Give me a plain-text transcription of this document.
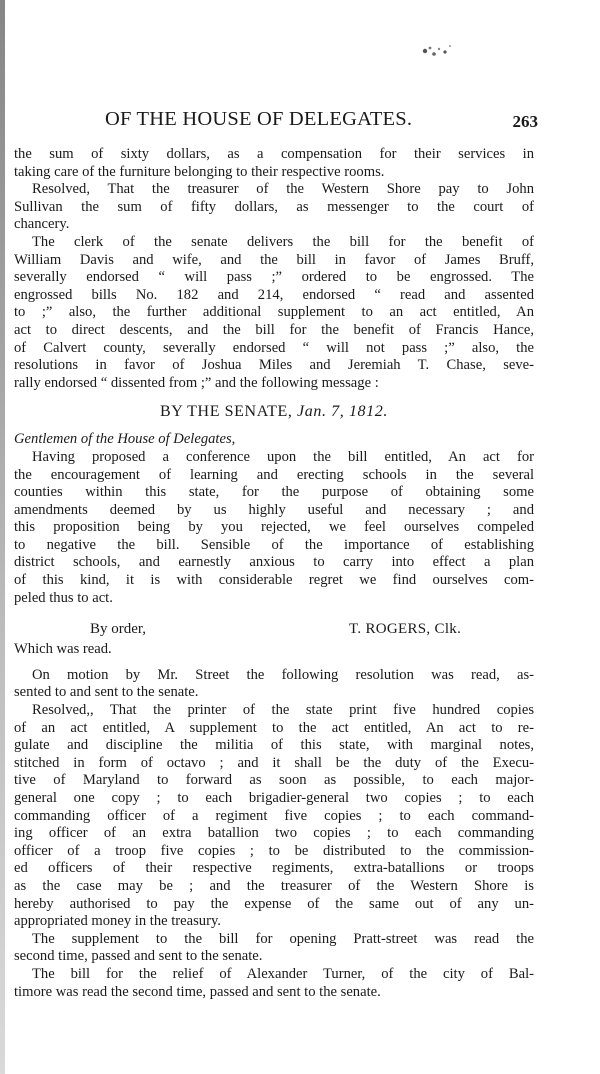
OF THE HOUSE OF DELEGATES.	263
the sum of sixty dollars, as a compensation for their services in
taking care of the furniture belonging to their respective rooms.
Resolved, That the treasurer of the Western Shore pay to John
Sullivan the sum of fifty dollars, as messenger to the court of
chancery.
The clerk of the senate delivers the bill for the benefit of
William Davis and wife, and the bill in favor of James Bruff,
severally endorsed “ will pass ;” ordered to be engrossed. The
engrossed bills No. 182 and 214, endorsed “ read and assented
to ;” also, the further additional supplement to an act entitled, An
act to direct descents, and the bill for the benefit of Francis Hance,
of Calvert county, severally endorsed “ will not pass ;” also, the
resolutions in favor of Joshua Miles and Jeremiah T. Chase, seve-
rally endorsed “ dissented from ;” and the following message :
BY THE SENATE, Jan. 7, 1812.
Gentlemen of the House of Delegates,
Having proposed a conference upon the bill entitled, An act for
the encouragement of learning and erecting schools in the several
counties within this state, for the purpose of obtaining some
amendments deemed by us highly useful and necessary ; and
this proposition being by you rejected, we feel ourselves compeled
to negative the bill. Sensible of the importance of establishing
district schools, and earnestly anxious to carry into effect a plan
of this kind, it is with considerable regret we find ourselves com-
peled thus to act.
By order,	T. ROGERS, Clk.
Which was read.
On motion by Mr. Street the following resolution was read, as-
sented to and sent to the senate.
Resolved,, That the printer of the state print five hundred copies
of an act entitled, A supplement to the act entitled, An act to re-
gulate and discipline the militia of this state, with marginal notes,
stitched in form of octavo ; and it shall be the duty of the Execu-
tive of Maryland to forward as soon as possible, to each major-
general one copy ; to each brigadier-general two copies ; to each
commanding officer of a regiment five copies ; to each command-
ing officer of an extra batallion two copies ; to each commanding
officer of a troop five copies ; to be distributed to the commission-
ed officers of their respective regiments, extra-batallions or troops
as the case may be ; and the treasurer of the Western Shore is
hereby authorised to pay the expense of the same out of any un-
appropriated money in the treasury.
The supplement to the bill for opening Pratt-street was read the
second time, passed and sent to the senate.
The bill for the relief of Alexander Turner, of the city of Bal-
timore was read the second time, passed and sent to the senate.
